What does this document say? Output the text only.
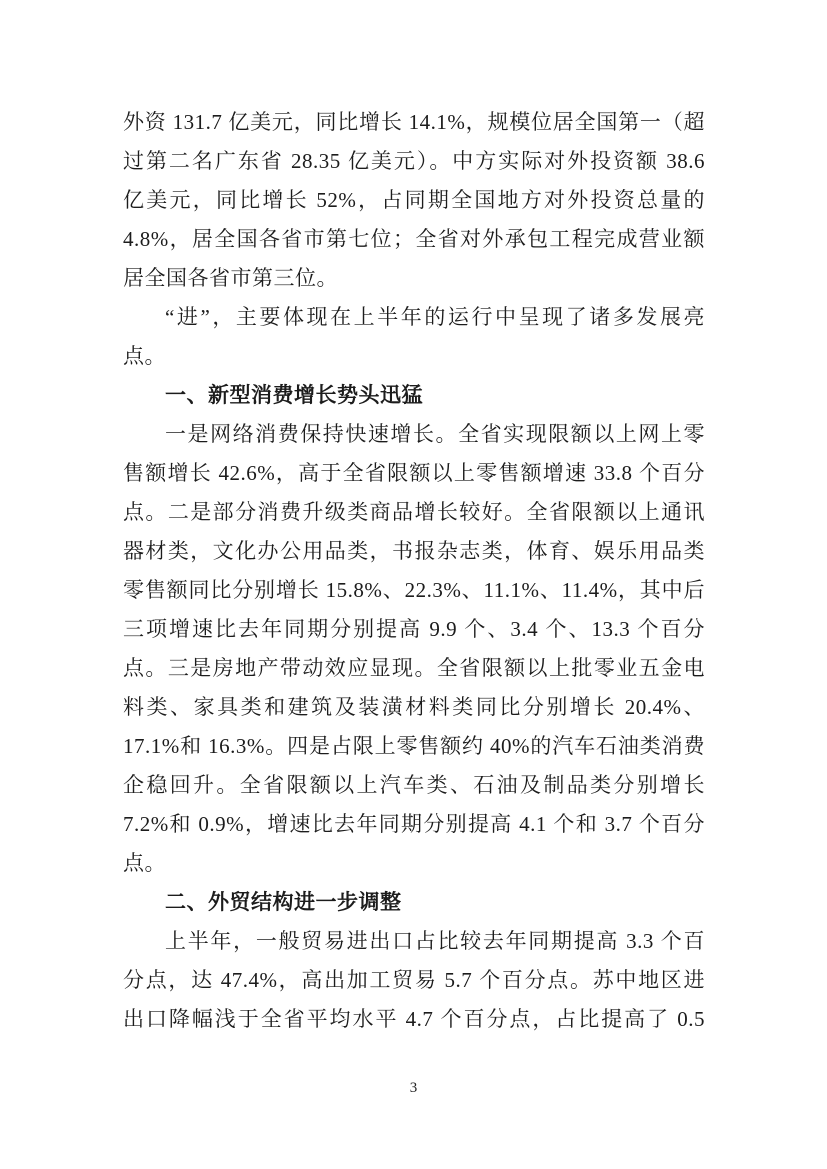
外资 131.7 亿美元，同比增长 14.1%，规模位居全国第一（超
过第二名广东省 28.35 亿美元）。中方实际对外投资额 38.6
亿美元，同比增长 52%，占同期全国地方对外投资总量的
4.8%，居全国各省市第七位；全省对外承包工程完成营业额
居全国各省市第三位。
“进”，主要体现在上半年的运行中呈现了诸多发展亮
点。
一、新型消费增长势头迅猛
一是网络消费保持快速增长。全省实现限额以上网上零
售额增长 42.6%，高于全省限额以上零售额增速 33.8 个百分
点。二是部分消费升级类商品增长较好。全省限额以上通讯
器材类，文化办公用品类，书报杂志类，体育、娱乐用品类
零售额同比分别增长 15.8%、22.3%、11.1%、11.4%，其中后
三项增速比去年同期分别提高 9.9 个、3.4 个、13.3 个百分
点。三是房地产带动效应显现。全省限额以上批零业五金电
料类、家具类和建筑及装潢材料类同比分别增长 20.4%、
17.1%和 16.3%。四是占限上零售额约 40%的汽车石油类消费
企稳回升。全省限额以上汽车类、石油及制品类分别增长
7.2%和 0.9%，增速比去年同期分别提高 4.1 个和 3.7 个百分
点。
二、外贸结构进一步调整
上半年，一般贸易进出口占比较去年同期提高 3.3 个百
分点，达 47.4%，高出加工贸易 5.7 个百分点。苏中地区进
出口降幅浅于全省平均水平 4.7 个百分点，占比提高了 0.5
3
